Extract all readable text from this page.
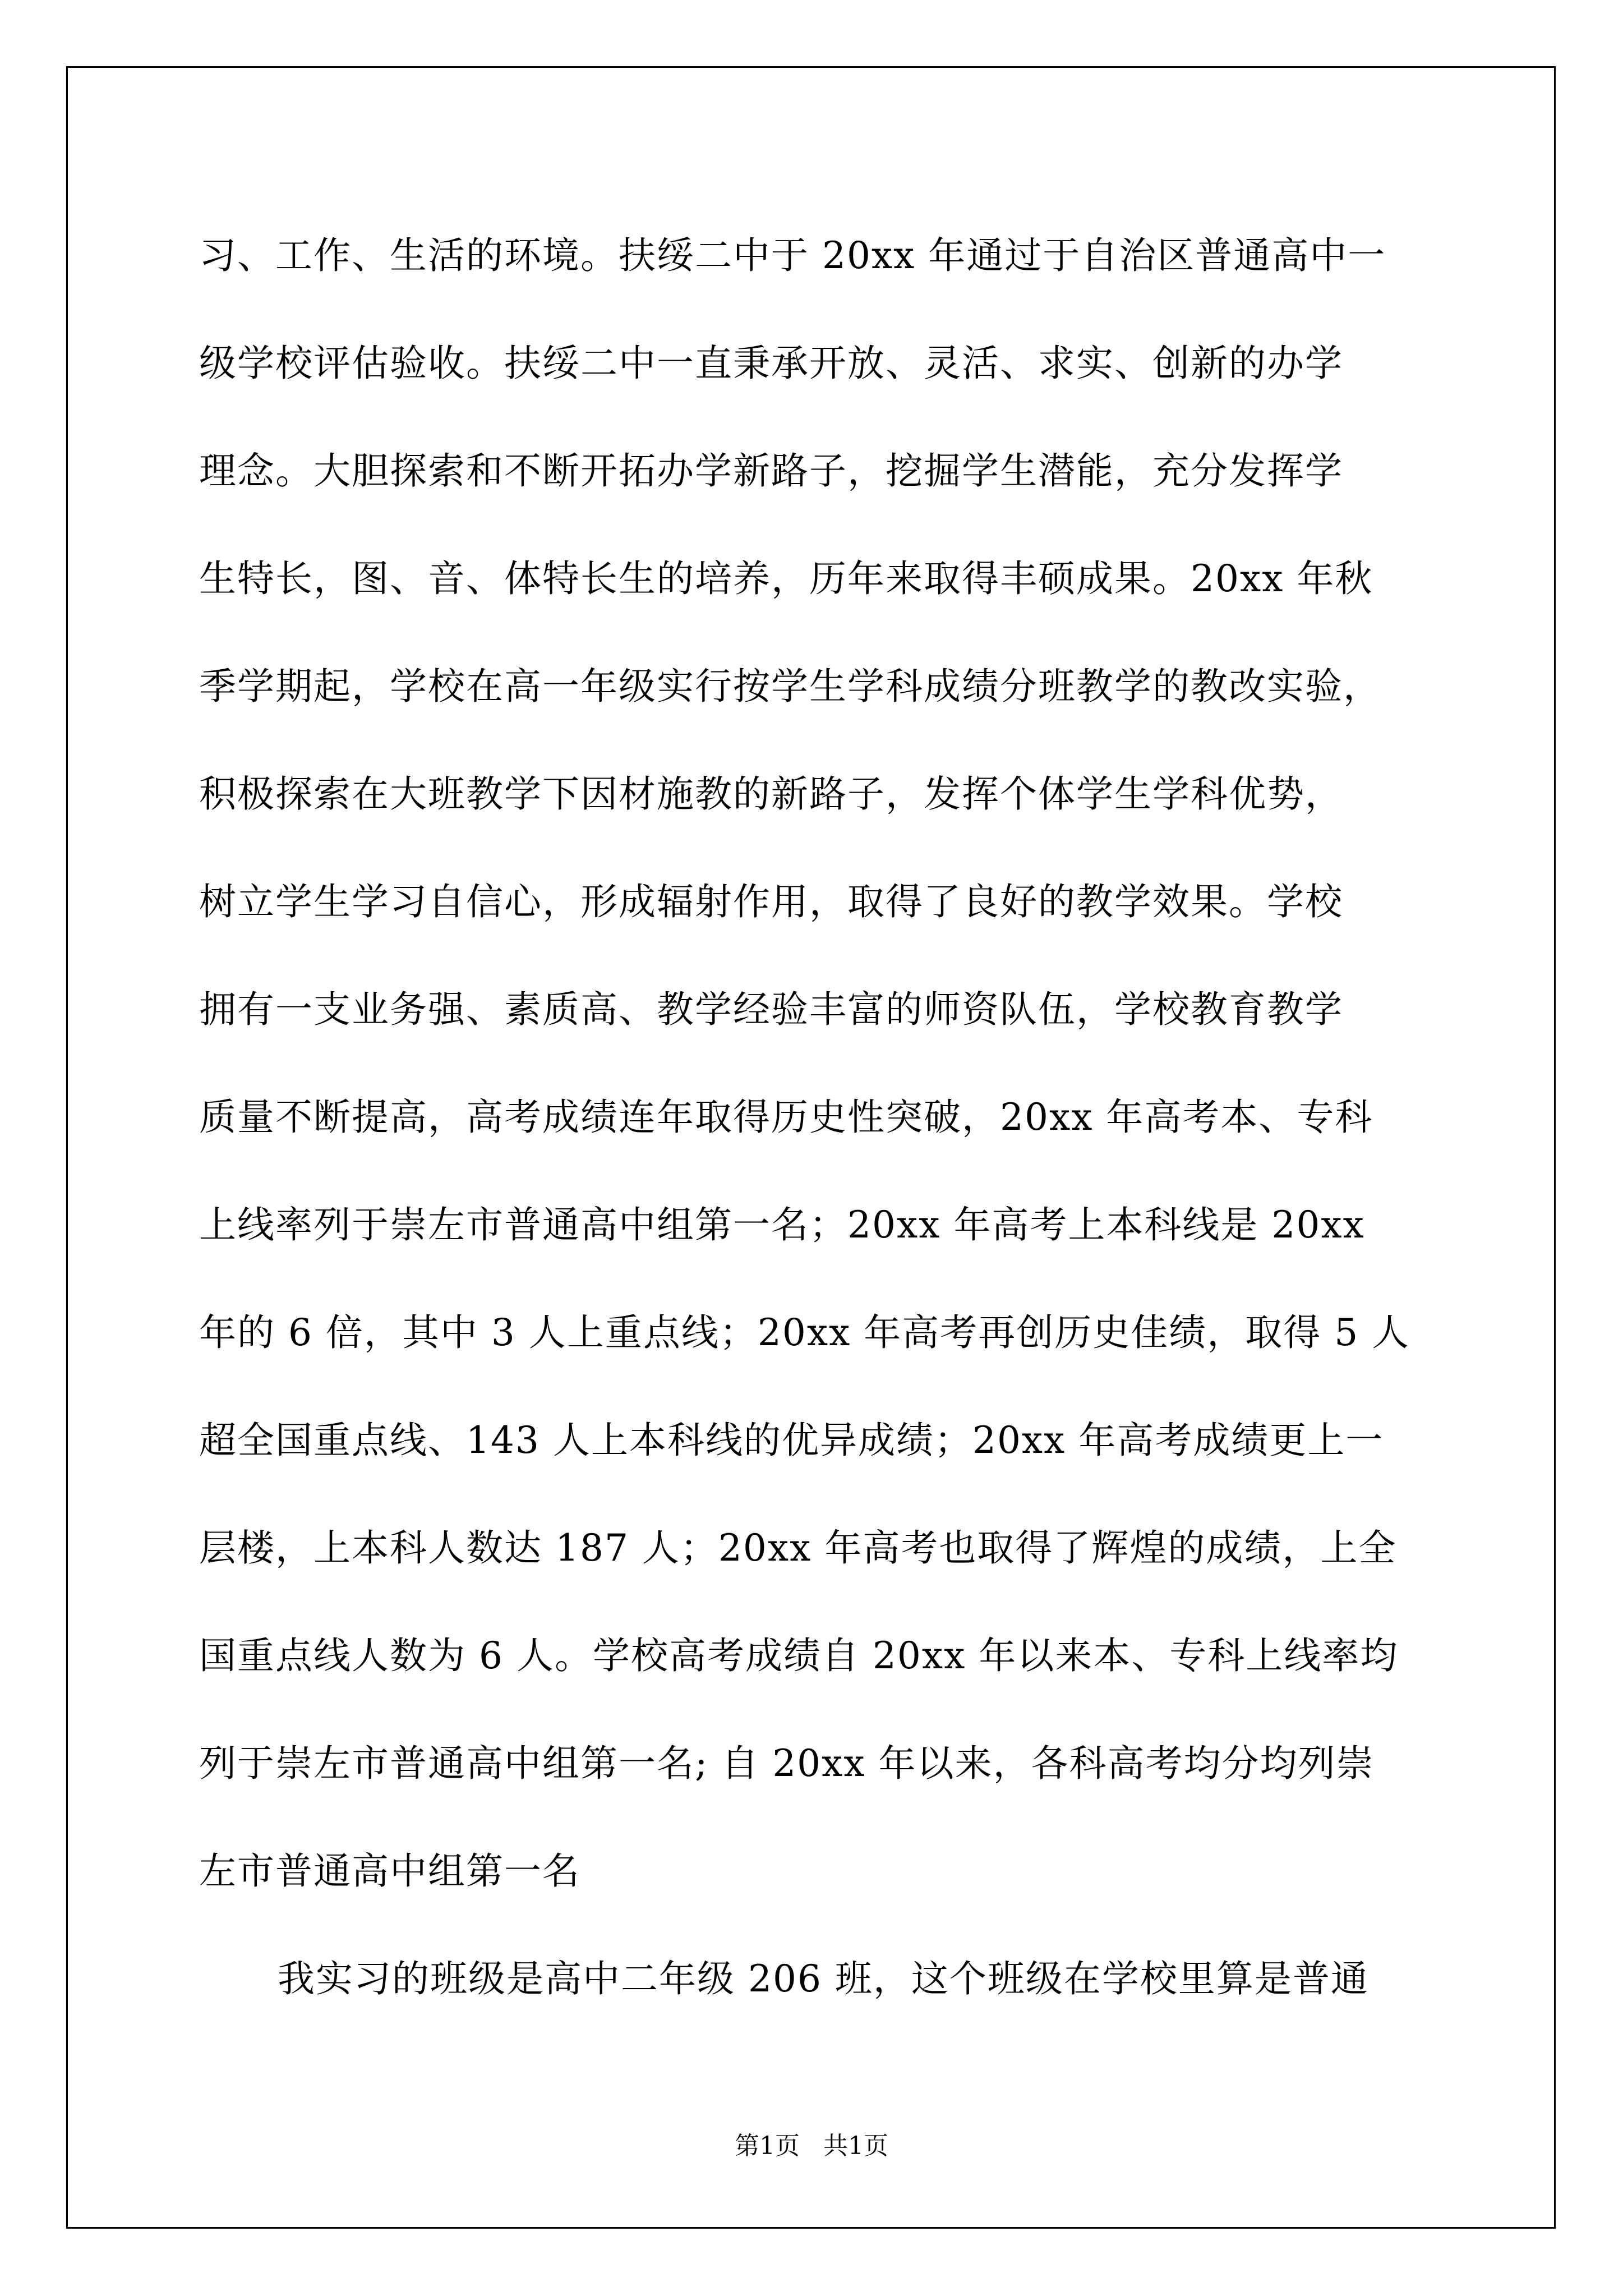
习、工作、生活的环境。扶绥二中于 20xx 年通过于自治区普通高中一
级学校评估验收。扶绥二中一直秉承开放、灵活、求实、创新的办学
理念。大胆探索和不断开拓办学新路子，挖掘学生潜能，充分发挥学
生特长，图、音、体特长生的培养，历年来取得丰硕成果。20xx 年秋
季学期起，学校在高一年级实行按学生学科成绩分班教学的教改实验，
积极探索在大班教学下因材施教的新路子，发挥个体学生学科优势，
树立学生学习自信心，形成辐射作用，取得了良好的教学效果。学校
拥有一支业务强、素质高、教学经验丰富的师资队伍，学校教育教学
质量不断提高，高考成绩连年取得历史性突破，20xx 年高考本、专科
上线率列于崇左市普通高中组第一名；20xx 年高考上本科线是 20xx
年的 6 倍，其中 3 人上重点线；20xx 年高考再创历史佳绩，取得 5 人
超全国重点线、143 人上本科线的优异成绩；20xx 年高考成绩更上一
层楼，上本科人数达 187 人；20xx 年高考也取得了辉煌的成绩，上全
国重点线人数为 6 人。学校高考成绩自 20xx 年以来本、专科上线率均
列于崇左市普通高中组第一名; 自 20xx 年以来，各科高考均分均列崇
左市普通高中组第一名
我实习的班级是高中二年级 206 班，这个班级在学校里算是普通
第1页   共1页
